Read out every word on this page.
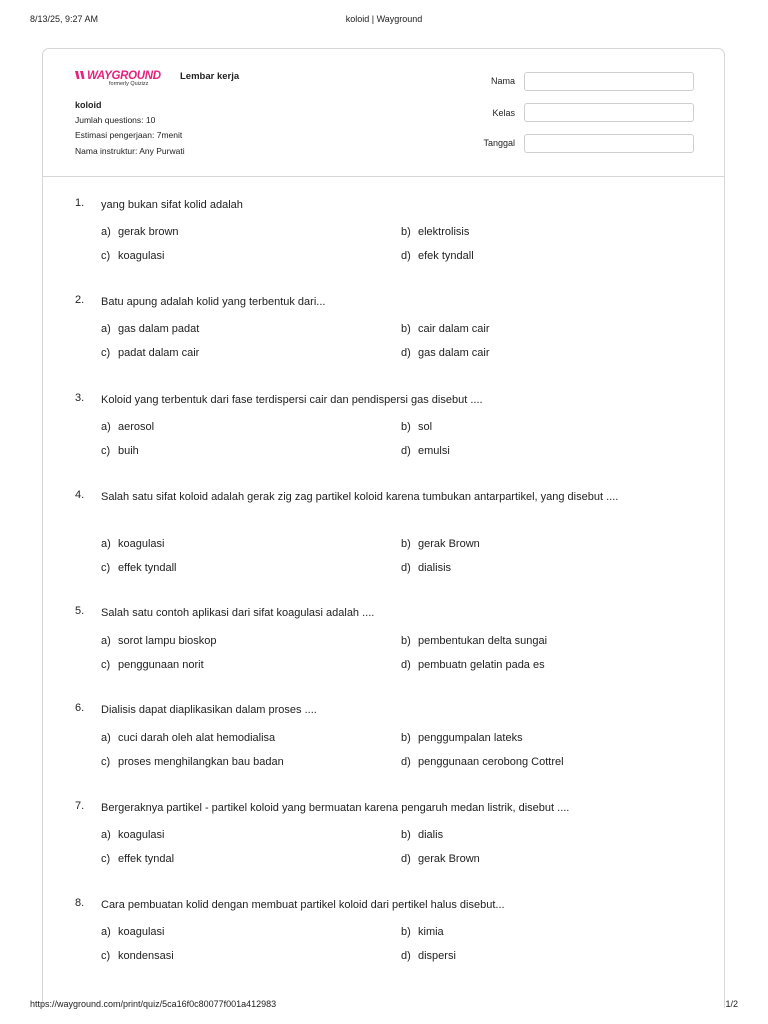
8/13/25, 9:27 AM	koloid | Wayground
WAYGROUND
formerly Quizizz
Lembar kerja
koloid
Jumlah questions: 10
Estimasi pengerjaan: 7menit
Nama instruktur: Any Purwati
Nama
Kelas
Tanggal
1. yang bukan sifat kolid adalah
a) gerak brown	b) elektrolisis
c) koagulasi	d) efek tyndall
2. Batu apung adalah kolid yang terbentuk dari...
a) gas dalam padat	b) cair dalam cair
c) padat dalam cair	d) gas dalam cair
3. Koloid yang terbentuk dari fase terdispersi cair dan pendispersi gas disebut ....
a) aerosol	b) sol
c) buih	d) emulsi
4. Salah satu sifat koloid adalah gerak zig zag partikel koloid karena tumbukan antarpartikel, yang disebut ....
a) koagulasi	b) gerak Brown
c) effek tyndall	d) dialisis
5. Salah satu contoh aplikasi dari sifat koagulasi adalah ....
a) sorot lampu bioskop	b) pembentukan delta sungai
c) penggunaan norit	d) pembuatn gelatin pada es
6. Dialisis dapat diaplikasikan dalam proses ....
a) cuci darah oleh alat hemodialisa	b) penggumpalan lateks
c) proses menghilangkan bau badan	d) penggunaan cerobong Cottrel
7. Bergeraknya partikel - partikel koloid yang bermuatan karena pengaruh medan listrik, disebut ....
a) koagulasi	b) dialis
c) effek tyndal	d) gerak Brown
8. Cara pembuatan kolid dengan membuat partikel koloid dari pertikel halus disebut...
a) koagulasi	b) kimia
c) kondensasi	d) dispersi
https://wayground.com/print/quiz/5ca16f0c80077f001a412983	1/2
